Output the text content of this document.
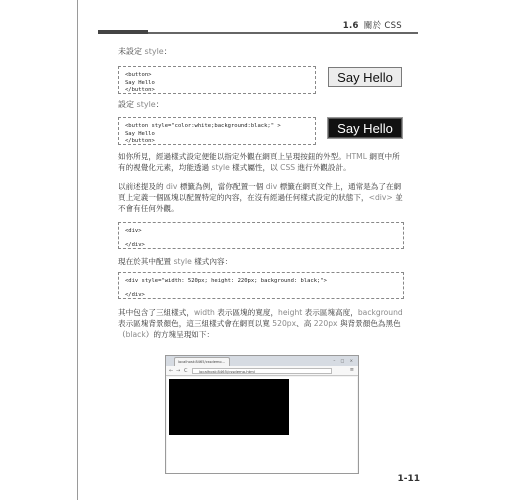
1.6 關於 CSS
未設定 style：
<button>
Say Hello
</button>
Say Hello
設定 style：
<button style="color:white;background:black;" >
Say Hello
</button>
Say Hello

如你所見，經過樣式設定便能以指定外觀在網頁上呈現按鈕的外型。HTML 網頁中所有的視覺化元素，均能透過 style 樣式屬性，以 CSS 進行外觀設計。

以前述提及的 div 標籤為例，當你配置一個 div 標籤在網頁文件上，通常是為了在網頁上定義一個區塊以配置特定的內容，在沒有經過任何樣式設定的狀態下，<div> 並不會有任何外觀。

<div>
</div>

現在於其中配置 style 樣式內容：

<div style="width: 520px; height: 220px; background: black;">
</div>

其中包含了三組樣式，width 表示區塊的寬度，height 表示區塊高度，background 表示區塊背景顏色，這三組樣式會在網頁以寬 520px、高 220px 與背景顏色為黑色（black）的方塊呈現如下：

localhost:8465/cssdemo...	– □ ×
← → C	localhost:8465/cssdemo.html	≡
1-11
